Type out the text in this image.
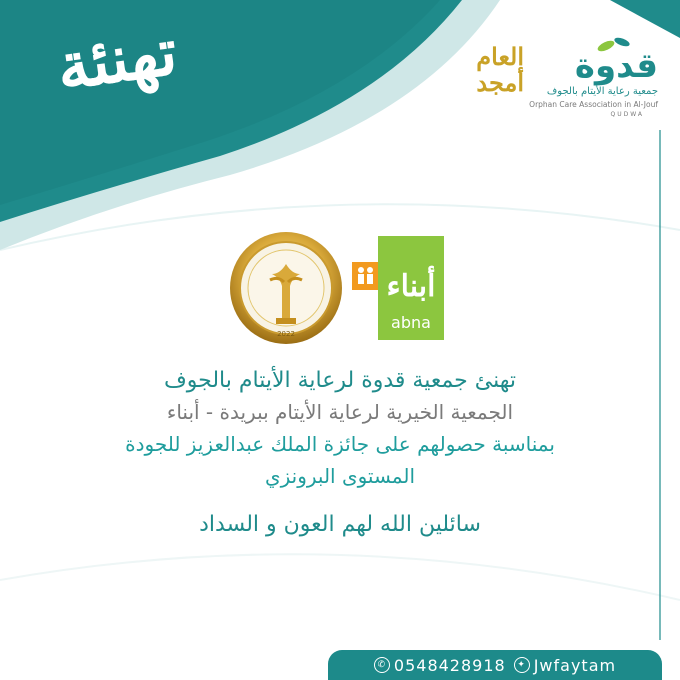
تهنئة	قدوة
جمعية رعاية الأيتام بالجوف
Orphan Care Association in Al-Jouf
QUDWA
العام
أمجد
2022
أبناء
abna
تهنئ جمعية قدوة لرعاية الأيتام بالجوف
الجمعية الخيرية لرعاية الأيتام ببريدة - أبناء
بمناسبة حصولهم على جائزة الملك عبدالعزيز للجودة
المستوى البرونزي
سائلين الله لهم العون و السداد
✆ 0548428918	✦ Jwfaytam
